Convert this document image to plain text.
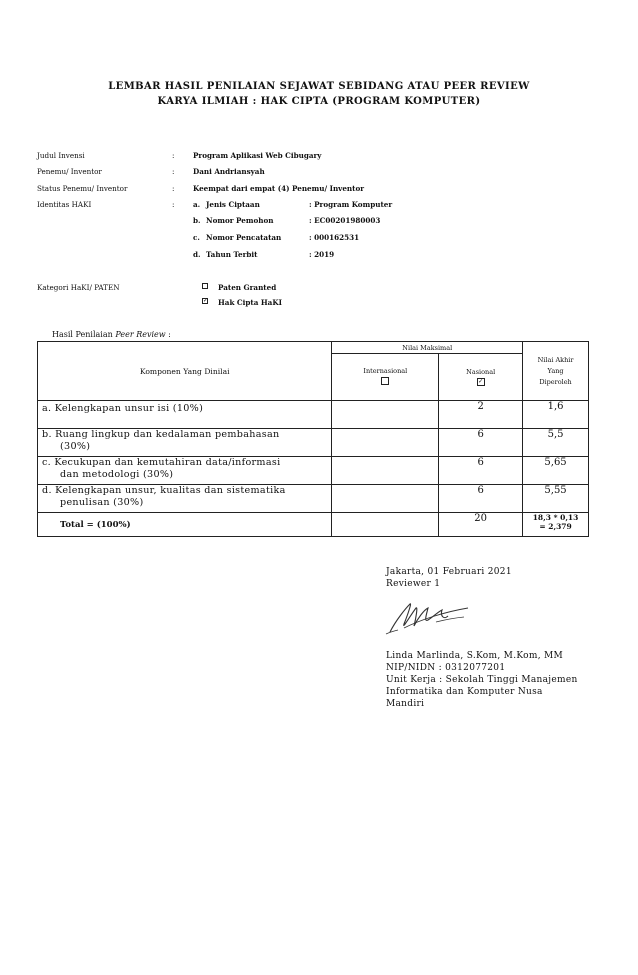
LEMBAR HASIL PENILAIAN SEJAWAT SEBIDANG ATAU PEER REVIEW
KARYA ILMIAH : HAK CIPTA (PROGRAM KOMPUTER)
Judul Invensi	:	Program Aplikasi Web Cibugary
Penemu/ Inventor	:	Dani Andriansyah
Status Penemu/ Inventor	:	Keempat dari empat (4) Penemu/ Inventor
Identitas HAKI	:	a. Jenis Ciptaan	: Program Komputer
b. Nomor Pemohon	: EC00201980003
c. Nomor Pencatatan	: 000162531
d. Tahun Terbit	: 2019
Kategori HaKI/ PATEN	Paten Granted
✓
Hak Cipta HaKI
Hasil Penilaian Peer Review :
Komponen Yang Dinilai	Nilai Maksimal		Nilai Akhir
Yang
Diperoleh
	Internasional	Nasional
✓	
a. Kelengkapan unsur isi (10%)		2	1,6
b. Ruang lingkup dan kedalaman pembahasan
(30%)		6	5,5
c. Kecukupan dan kemutahiran data/informasi
dan metodologi (30%)		6	5,65
d. Kelengkapan unsur, kualitas dan sistematika
penulisan (30%)		6	5,55
Total = (100%)		20	18,3 * 0,13
= 2,379
Jakarta, 01 Februari 2021
Reviewer 1
Linda Marlinda, S.Kom, M.Kom, MM
NIP/NIDN : 0312077201
Unit Kerja : Sekolah Tinggi Manajemen
Informatika dan Komputer Nusa
Mandiri
